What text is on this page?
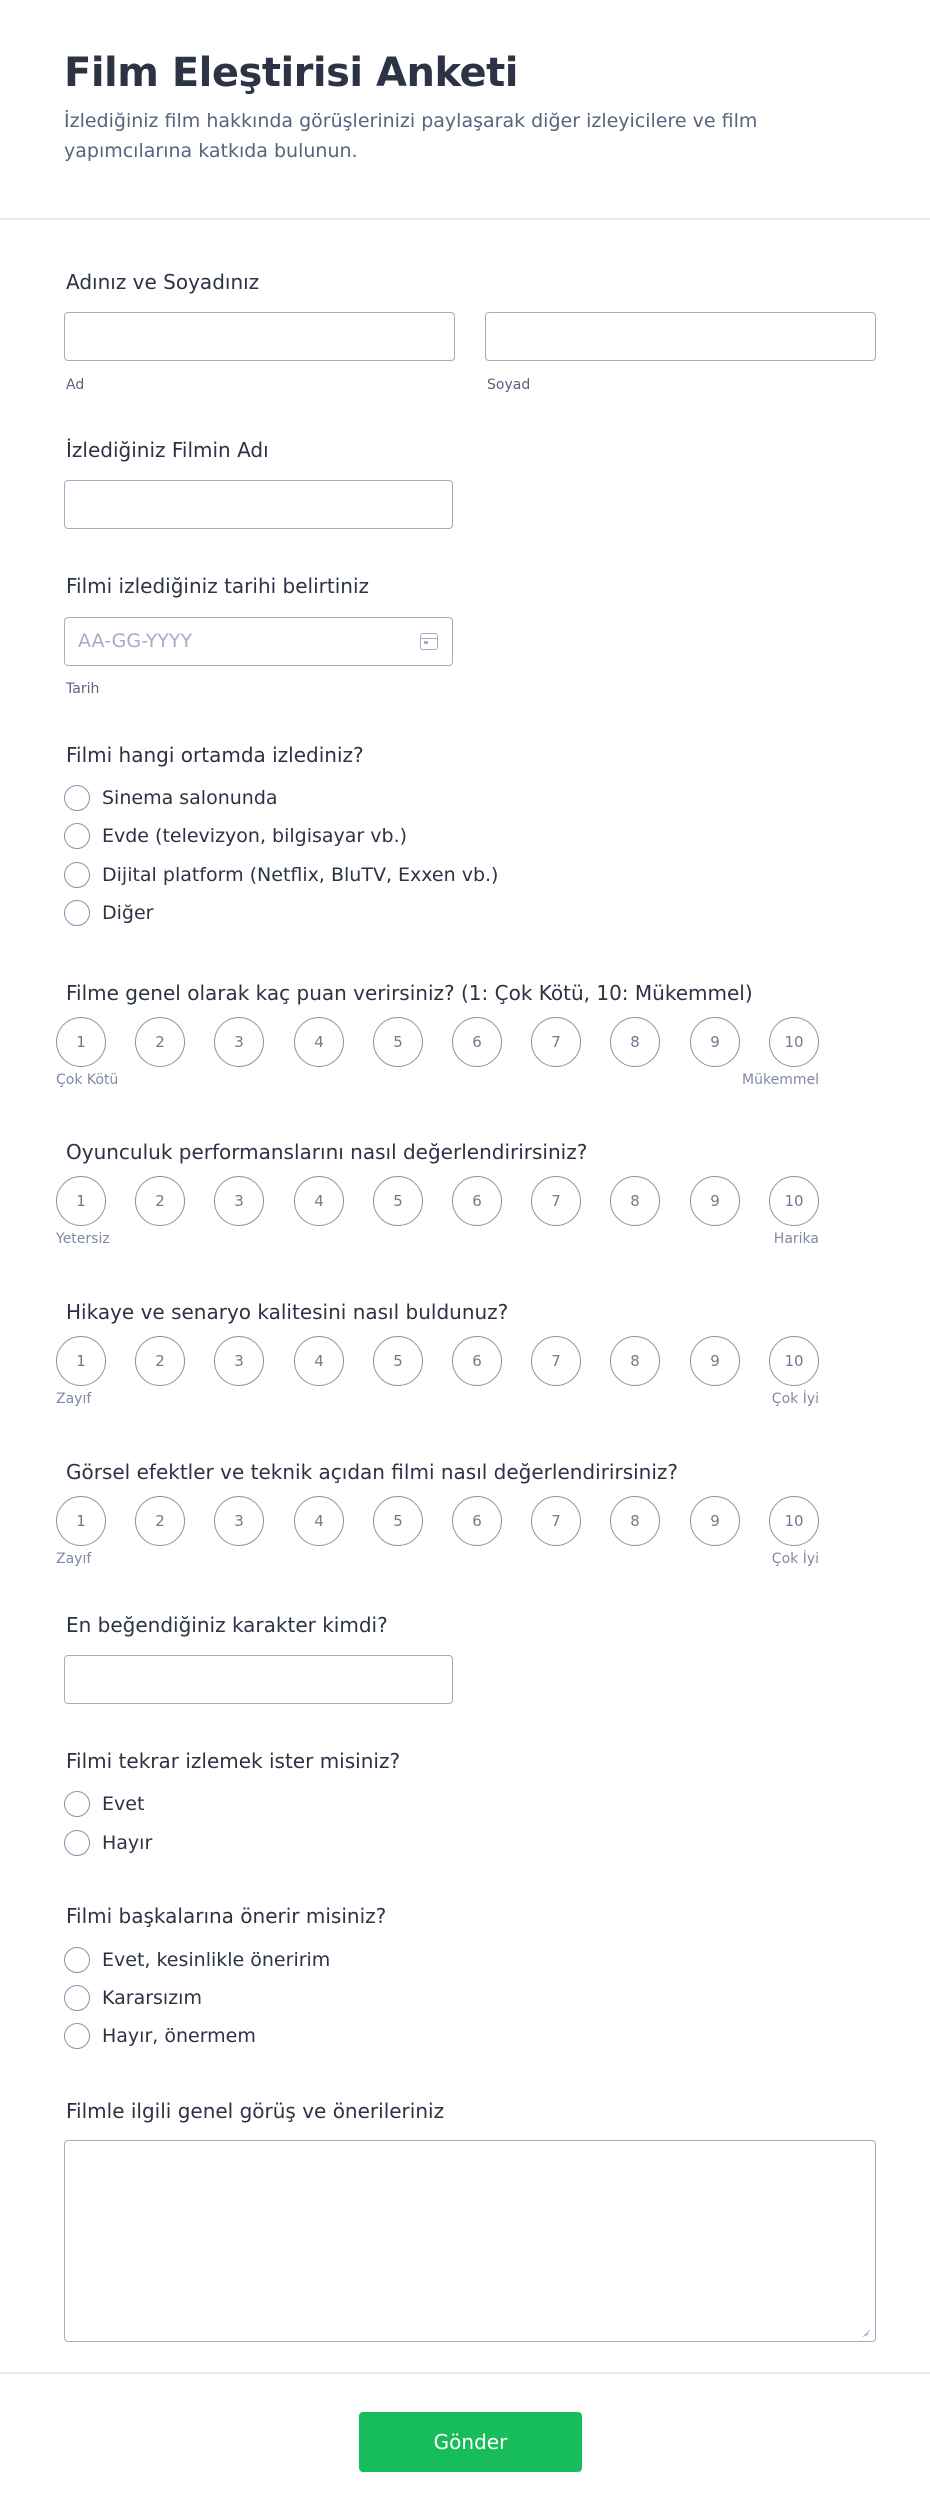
Film Eleştirisi Anketi

İzlediğiniz film hakkında görüşlerinizi paylaşarak diğer izleyicilere ve film yapımcılarına katkıda bulunun.

Adınız ve Soyadınız
Ad	Soyad
İzlediğiniz Filmin Adı
Filmi izlediğiniz tarihi belirtiniz
AA-GG-YYYY
Tarih
Filmi hangi ortamda izlediniz?
Sinema salonunda
Evde (televizyon, bilgisayar vb.)
Dijital platform (Netflix, BluTV, Exxen vb.)
Diğer
Filme genel olarak kaç puan verirsiniz? (1: Çok Kötü, 10: Mükemmel)
1	2	3	4	5	6	7	8	9	10
Çok Kötü	Mükemmel
Oyunculuk performanslarını nasıl değerlendirirsiniz?
1	2	3	4	5	6	7	8	9	10
Yetersiz	Harika
Hikaye ve senaryo kalitesini nasıl buldunuz?
1	2	3	4	5	6	7	8	9	10
Zayıf	Çok İyi
Görsel efektler ve teknik açıdan filmi nasıl değerlendirirsiniz?
1	2	3	4	5	6	7	8	9	10
Zayıf	Çok İyi
En beğendiğiniz karakter kimdi?
Filmi tekrar izlemek ister misiniz?
Evet
Hayır
Filmi başkalarına önerir misiniz?
Evet, kesinlikle öneririm
Kararsızım
Hayır, önermem
Filmle ilgili genel görüş ve önerileriniz
Gönder
